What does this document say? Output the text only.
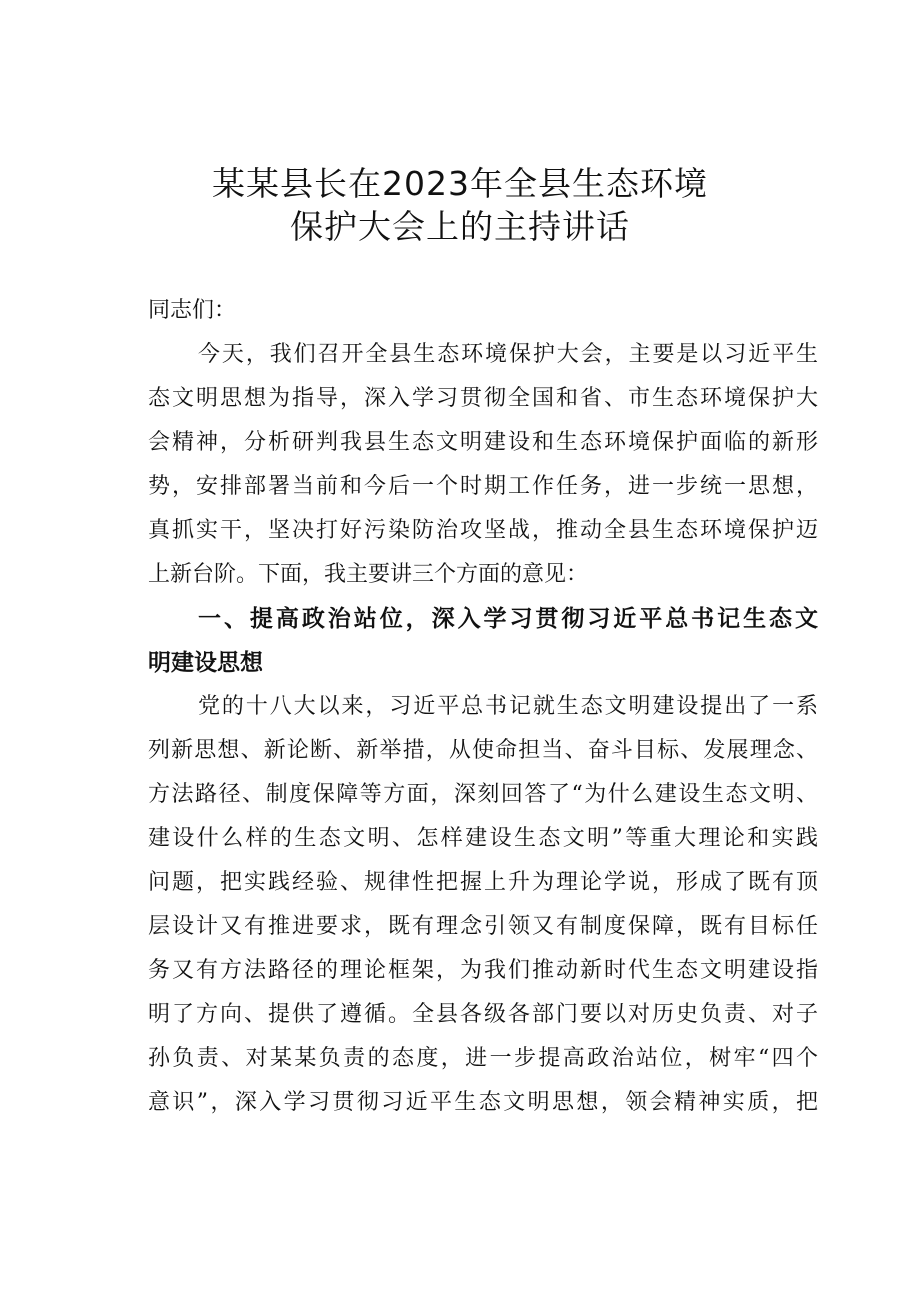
某某县长在2023年全县生态环境
保护大会上的主持讲话
同志们：
今天，我们召开全县生态环境保护大会，主要是以习近平生
态文明思想为指导，深入学习贯彻全国和省、市生态环境保护大
会精神，分析研判我县生态文明建设和生态环境保护面临的新形
势，安排部署当前和今后一个时期工作任务，进一步统一思想，
真抓实干，坚决打好污染防治攻坚战，推动全县生态环境保护迈
上新台阶。下面，我主要讲三个方面的意见：
一、提高政治站位，深入学习贯彻习近平总书记生态文
明建设思想
党的十八大以来，习近平总书记就生态文明建设提出了一系
列新思想、新论断、新举措，从使命担当、奋斗目标、发展理念、
方法路径、制度保障等方面，深刻回答了“为什么建设生态文明、
建设什么样的生态文明、怎样建设生态文明”等重大理论和实践
问题，把实践经验、规律性把握上升为理论学说，形成了既有顶
层设计又有推进要求，既有理念引领又有制度保障，既有目标任
务又有方法路径的理论框架，为我们推动新时代生态文明建设指
明了方向、提供了遵循。全县各级各部门要以对历史负责、对子
孙负责、对某某负责的态度，进一步提高政治站位，树牢“四个
意识”，深入学习贯彻习近平生态文明思想，领会精神实质，把
